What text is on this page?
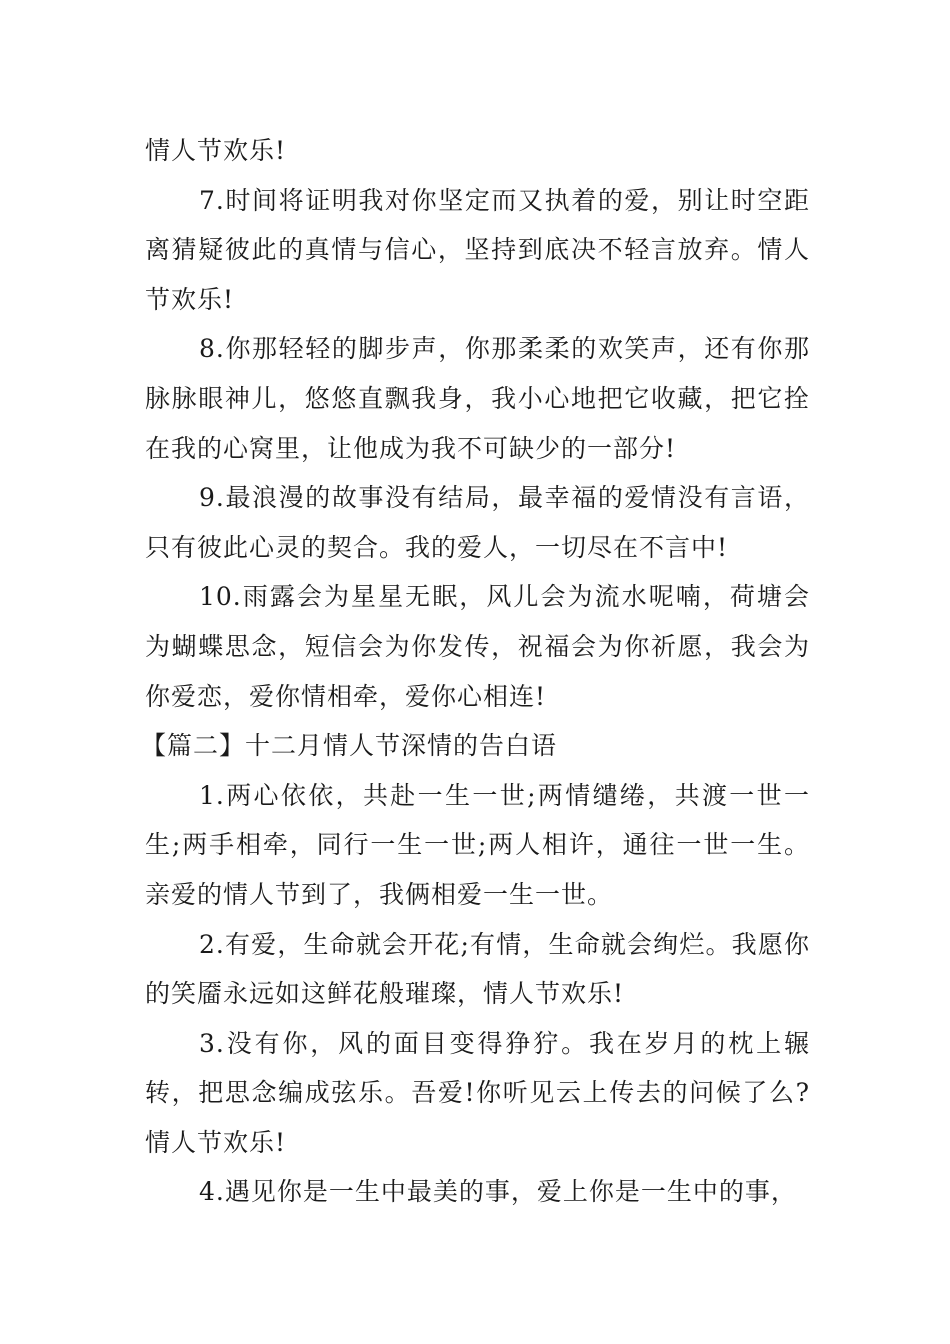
情人节欢乐!

7.时间将证明我对你坚定而又执着的爱，别让时空距离猜疑彼此的真情与信心，坚持到底决不轻言放弃。情人节欢乐!

8.你那轻轻的脚步声，你那柔柔的欢笑声，还有你那脉脉眼神儿，悠悠直飘我身，我小心地把它收藏，把它拴在我的心窝里，让他成为我不可缺少的一部分!

9.最浪漫的故事没有结局，最幸福的爱情没有言语，只有彼此心灵的契合。我的爱人，一切尽在不言中!

10.雨露会为星星无眠，风儿会为流水呢喃，荷塘会为蝴蝶思念，短信会为你发传，祝福会为你祈愿，我会为你爱恋，爱你情相牵，爱你心相连!

【篇二】十二月情人节深情的告白语

1.两心依依，共赴一生一世;两情缱绻，共渡一世一生;两手相牵，同行一生一世;两人相许，通往一世一生。亲爱的情人节到了，我俩相爱一生一世。

2.有爱，生命就会开花;有情，生命就会绚烂。我愿你的笑靥永远如这鲜花般璀璨，情人节欢乐!

3.没有你，风的面目变得狰狞。我在岁月的枕上辗转，把思念编成弦乐。吾爱!你听见云上传去的问候了么?情人节欢乐!

4.遇见你是一生中最美的事，爱上你是一生中的事，
